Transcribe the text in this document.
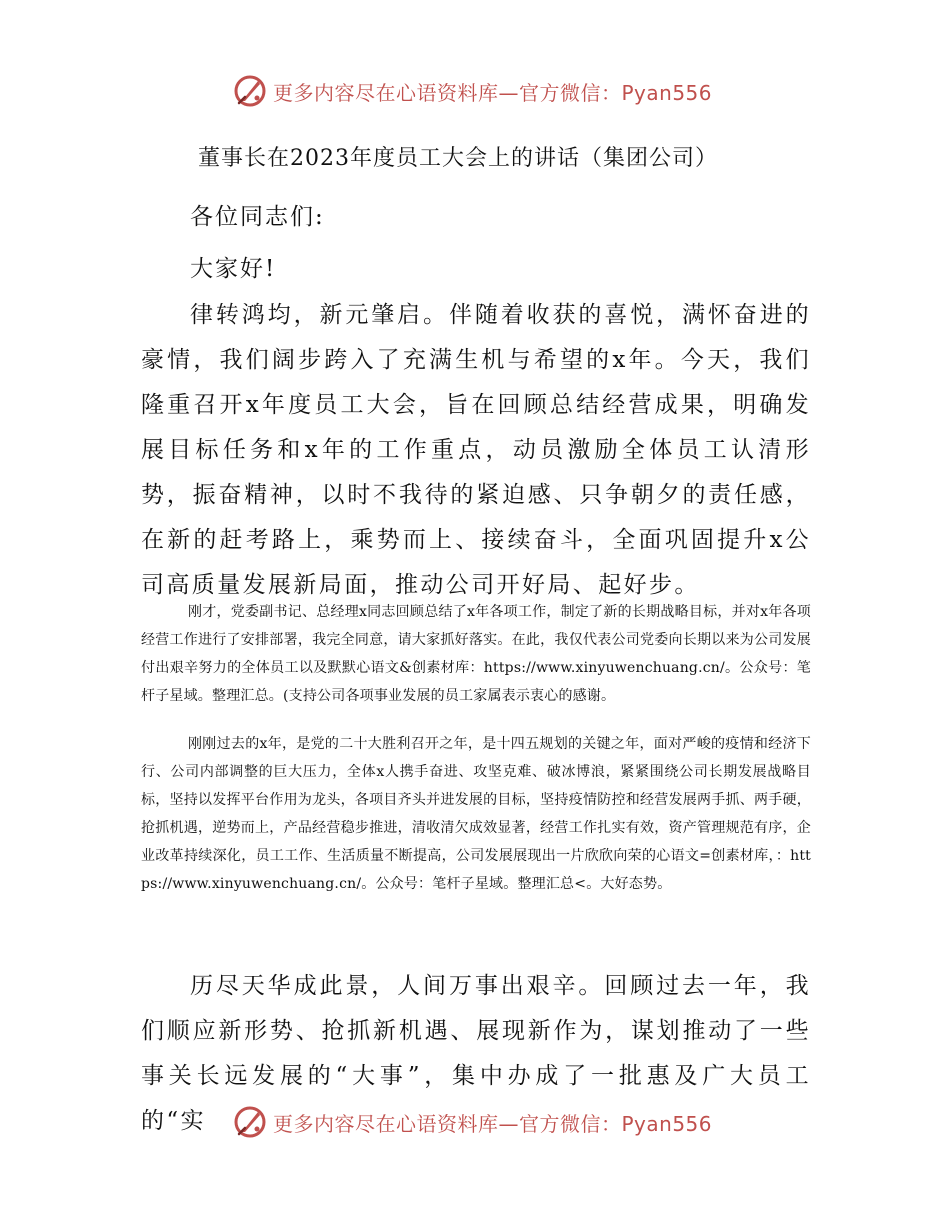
更多内容尽在心语资料库—官方微信：Pyan556
董事长在2023年度员工大会上的讲话（集团公司）
各位同志们:
大家好!

律转鸿均，新元肇启。伴随着收获的喜悦，满怀奋进的豪情，我们阔步跨入了充满生机与希望的x年。今天，我们隆重召开x年度员工大会，旨在回顾总结经营成果，明确发展目标任务和x年的工作重点，动员激励全体员工认清形势，振奋精神，以时不我待的紧迫感、只争朝夕的责任感，在新的赶考路上，乘势而上、接续奋斗，全面巩固提升x公司高质量发展新局面，推动公司开好局、起好步。

刚才，党委副书记、总经理x同志回顾总结了x年各项工作，制定了新的长期战略目标，并对x年各项经营工作进行了安排部署，我完全同意，请大家抓好落实。在此，我仅代表公司党委向长期以来为公司发展付出艰辛努力的全体员工以及默默心语文&创素材库：https://www.xinyuwenchuang.cn/。公众号：笔杆子星域。整理汇总。(支持公司各项事业发展的员工家属表示衷心的感谢。

刚刚过去的x年，是党的二十大胜利召开之年，是十四五规划的关键之年，面对严峻的疫情和经济下行、公司内部调整的巨大压力，全体x人携手奋进、攻坚克难、破冰博浪，紧紧围绕公司长期发展战略目标，坚持以发挥平台作用为龙头，各项目齐头并进发展的目标，坚持疫情防控和经营发展两手抓、两手硬，抢抓机遇，逆势而上，产品经营稳步推进，清收清欠成效显著，经营工作扎实有效，资产管理规范有序，企业改革持续深化，员工工作、生活质量不断提高，公司发展展现出一片欣欣向荣的心语文=创素材库，：https://www.xinyuwenchuang.cn/。公众号：笔杆子星域。整理汇总<。大好态势。

历尽天华成此景，人间万事出艰辛。回顾过去一年，我们顺应新形势、抢抓新机遇、展现新作为，谋划推动了一些事关长远发展的“大事”，集中办成了一批惠及广大员工的“实	更多内容尽在心语资料库—官方微信：Pyan556
